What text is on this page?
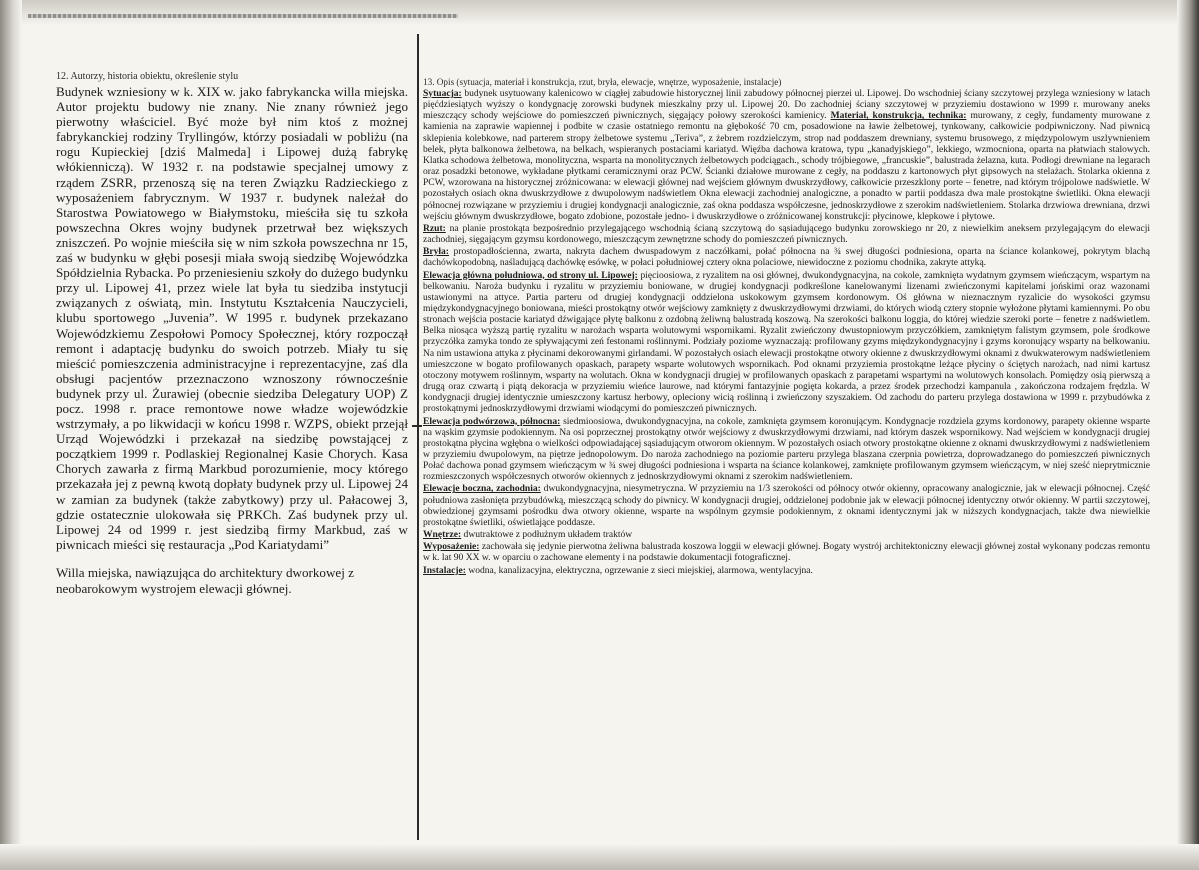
12. Autorzy, historia obiektu, określenie stylu

Budynek wzniesiony w k. XIX w. jako fabrykancka willa miejska. Autor projektu budowy nie znany. Nie znany również jego pierwotny właściciel. Być może był nim ktoś z możnej fabrykanckiej rodziny Tryllingów, którzy posiadali w pobliżu (na rogu Kupieckiej [dziś Malmeda] i Lipowej dużą fabrykę włókienniczą). W 1932 r. na podstawie specjalnej umowy z rządem ZSRR, przenoszą się na teren Związku Radzieckiego z wyposażeniem fabrycznym. W 1937 r. budynek należał do Starostwa Powiatowego w Białymstoku, mieściła się tu szkoła powszechna Okres wojny budynek przetrwał bez większych zniszczeń. Po wojnie mieściła się w nim szkoła powszechna nr 15, zaś w budynku w głębi posesji miała swoją siedzibę Wojewódzka Spółdzielnia Rybacka. Po przeniesieniu szkoły do dużego budynku przy ul. Lipowej 41, przez wiele lat była tu siedziba instytucji związanych z oświatą, min. Instytutu Kształcenia Nauczycieli, klubu sportowego „Juvenia”. W 1995 r. budynek przekazano Wojewódzkiemu Zespołowi Pomocy Społecznej, który rozpoczął remont i adaptację budynku do swoich potrzeb. Miały tu się mieścić pomieszczenia administracyjne i reprezentacyjne, zaś dla obsługi pacjentów przeznaczono wznoszony równocześnie budynek przy ul. Żurawiej (obecnie siedziba Delegatury UOP) Z pocz. 1998 r. prace remontowe nowe władze wojewódzkie wstrzymały, a po likwidacji w końcu 1998 r. WZPS, obiekt przejął Urząd Wojewódzki i przekazał na siedzibę powstającej z początkiem 1999 r. Podlaskiej Regionalnej Kasie Chorych. Kasa Chorych zawarła z firmą Markbud porozumienie, mocy którego przekazała jej z pewną kwotą dopłaty budynek przy ul. Lipowej 24 w zamian za budynek (także zabytkowy) przy ul. Pałacowej 3, gdzie ostatecznie ulokowała się PRKCh. Zaś budynek przy ul. Lipowej 24 od 1999 r. jest siedzibą firmy Markbud, zaś w piwnicach mieści się restauracja „Pod Kariatydami”

Willa miejska, nawiązująca do architektury dworkowej z neobarokowym wystrojem elewacji głównej.

13. Opis (sytuacja, materiał i konstrukcja, rzut, bryła, elewacje, wnętrze, wyposażenie, instalacje)

Sytuacja: budynek usytuowany kalenicowo w ciągłej zabudowie historycznej linii zabudowy północnej pierzei ul. Lipowej. Do wschodniej ściany szczytowej przylega wzniesiony w latach pięćdziesiątych wyższy o kondygnację zorowski budynek mieszkalny przy ul. Lipowej 20. Do zachodniej ściany szczytowej w przyziemiu dostawiono w 1999 r. murowany aneks mieszczący schody wejściowe do pomieszczeń piwnicznych, sięgający połowy szerokości kamienicy. Materiał, konstrukcja, technika: murowany, z cegły, fundamenty murowane z kamienia na zaprawie wapiennej i podbite w czasie ostatniego remontu na głębokość 70 cm, posadowione na ławie żelbetowej, tynkowany, całkowicie podpiwniczony. Nad piwnicą sklepienia kolebkowe, nad parterem stropy żelbetowe systemu „Teriva”, z żebrem rozdzielczym, strop nad poddaszem drewniany, systemu brusowego, z międzypolowym uszlywnieniem belek, płyta balkonowa żelbetowa, na belkach, wspieranych postaciami kariatyd. Więźba dachowa kratowa, typu „kanadyjskiego”, lekkiego, wzmocniona, oparta na płatwiach stalowych. Klatka schodowa żelbetowa, monolityczna, wsparta na monolitycznych żelbetowych podciągach., schody trójbiegowe, „francuskie”, balustrada żelazna, kuta. Podłogi drewniane na legarach oraz posadzki betonowe, wykładane płytkami ceramicznymi oraz PCW. Ścianki działowe murowane z cegły, na poddaszu z kartonowych płyt gipsowych na stelażach. Stolarka okienna z PCW, wzorowana na historycznej zróżnicowana: w elewacji głównej nad wejściem głównym dwuskrzydłowy, całkowicie przeszklony porte – fenetre, nad którym trójpolowe nadświetle. W pozostałych osiach okna dwuskrzydłowe z dwupolowym nadświetlem Okna elewacji zachodniej analogiczne, a ponadto w partii poddasza dwa male prostokątne świetliki. Okna elewacji północnej rozwiązane w przyziemiu i drugiej kondygnacji analogicznie, zaś okna poddasza współczesne, jednoskrzydłowe z szerokim nadświetleniem. Stolarka drzwiowa drewniana, drzwi wejściu głównym dwuskrzydłowe, bogato zdobione, pozostałe jedno- i dwuskrzydłowe o zróżnicowanej konstrukcji: płycinowe, klepkowe i płytowe.

Rzut: na planie prostokąta bezpośrednio przylegającego wschodnią ścianą szczytową do sąsiadującego budynku zorowskiego nr 20, z niewielkim aneksem przylegającym do elewacji zachodniej, sięgającym gzymsu kordonowego, mieszczącym zewnętrzne schody do pomieszczeń piwnicznych.

Bryła: prostopadłościenna, zwarta, nakryta dachem dwuspadowym z naczółkami, połać północna na ¾ swej długości podniesiona, oparta na ściance kolankowej, pokrytym blachą dachówkopodobną, naśladującą dachówkę esówkę, w połaci południowej cztery okna polaciowe, niewidoczne z poziomu chodnika, zakryte attyką.

Elewacja główna południowa, od strony ul. Lipowej: pięcioosiowa, z ryzalitem na osi głównej, dwukondygnacyjna, na cokole, zamknięta wydatnym gzymsem wieńczącym, wspartym na belkowaniu. Naroża budynku i ryzalitu w przyziemiu boniowane, w drugiej kondygnacji podkreślone kanelowanymi lizenami zwieńczonymi kapitelami jońskimi oraz wazonami ustawionymi na attyce. Partia parteru od drugiej kondygnacji oddzielona uskokowym gzymsem kordonowym. Oś główna w nieznacznym ryzalicie do wysokości gzymsu międzykondygnacyjnego boniowana, mieści prostokątny otwór wejściowy zamknięty z dwuskrzydłowymi drzwiami, do których wiodą cztery stopnie wyłożone płytami kamiennymi. Po obu stronach wejścia postacie kariatyd dźwigające płytę balkonu z ozdobną żeliwną balustradą koszową. Na szerokości balkonu loggia, do której wiedzie szeroki porte – fenetre z nadświetlem. Belka niosąca wyższą partię ryzalitu w narożach wsparta wolutowymi wspornikami. Ryzalit zwieńczony dwustopniowym przyczółkiem, zamkniętym falistym gzymsem, pole środkowe przyczółka zamyka tondo ze spływającymi zeń festonami roślinnymi. Podziały poziome wyznaczają: profilowany gzyms międzykondygnacyjny i gzyms koronujący wsparty na belkowaniu. Na nim ustawiona attyka z płycinami dekorowanymi girlandami. W pozostałych osiach elewacji prostokątne otwory okienne z dwuskrzydłowymi oknami z dwukwaterowym nadświetleniem umieszczone w bogato profilowanych opaskach, parapety wsparte wolutowych wspornikach. Pod oknami przyziemia prostokątne leżące płyciny o ściętych narożach, nad nimi kartusz otoczony motywem roślinnym, wsparty na wolutach. Okna w kondygnacji drugiej w profilowanych opaskach z parapetami wspartymi na wolutowych konsolach. Pomiędzy osią pierwszą a drugą oraz czwartą i piątą dekoracja w przyziemiu wieńce laurowe, nad którymi fantazyjnie pogięta kokarda, a przez środek przechodzi kampanula , zakończona rodzajem frędzla. W kondygnacji drugiej identycznie umieszczony kartusz herbowy, opleciony wicią roślinną i zwieńczony szyszakiem. Od zachodu do parteru przylega dostawiona w 1999 r. przybudówka z prostokątnymi jednoskrzydłowymi drzwiami wiodącymi do pomieszczeń piwnicznych.

Elewacja podwórzowa, północna: siedmioosiowa, dwukondygnacyjna, na cokole, zamknięta gzymsem koronującym. Kondygnacje rozdziela gzyms kordonowy, parapety okienne wsparte na wąskim gzymsie podokiennym. Na osi poprzecznej prostokątny otwór wejściowy z dwuskrzydłowymi drzwiami, nad którym daszek wspornikowy. Nad wejściem w kondygnacji drugiej prostokątna płycina wgłębna o wielkości odpowiadającej sąsiadującym otworom okiennym. W pozostałych osiach otwory prostokątne okienne z oknami dwuskrzydłowymi z nadświetleniem w przyziemiu dwupolowym, na piętrze jednopolowym. Do naroża zachodniego na poziomie parteru przylega blaszana czerpnia powietrza, doprowadzanego do pomieszczeń piwnicznych Połać dachowa ponad gzymsem wieńczącym w ¾ swej długości podniesiona i wsparta na ściance kolankowej, zamknięte profilowanym gzymsem wieńczącym, w niej sześć nieprytmicznie rozmieszczonych współczesnych otworów okiennych z jednoskrzydłowymi oknami z szerokim nadświetleniem.

Elewacje boczna, zachodnia: dwukondygnacyjna, niesymetryczna. W przyziemiu na 1/3 szerokości od północy otwór okienny, opracowany analogicznie, jak w elewacji północnej. Część południowa zasłonięta przybudówką, mieszczącą schody do piwnicy. W kondygnacji drugiej, oddzielonej podobnie jak w elewacji północnej identyczny otwór okienny. W partii szczytowej, obwiedzionej gzymsami pośrodku dwa otwory okienne, wsparte na wspólnym gzymsie podokiennym, z oknami identycznymi jak w niższych kondygnacjach, także dwa niewielkie prostokątne świetliki, oświetlające poddasze.

Wnętrze: dwutraktowe z podłużnym układem traktów

Wyposażenie: zachowała się jedynie pierwotna żeliwna balustrada koszowa loggii w elewacji głównej. Bogaty wystrój architektoniczny elewacji głównej został wykonany podczas remontu w k. lat 90 XX w. w oparciu o zachowane elementy i na podstawie dokumentacji fotograficznej.

Instalacje: wodna, kanalizacyjna, elektryczna, ogrzewanie z sieci miejskiej, alarmowa, wentylacyjna.
